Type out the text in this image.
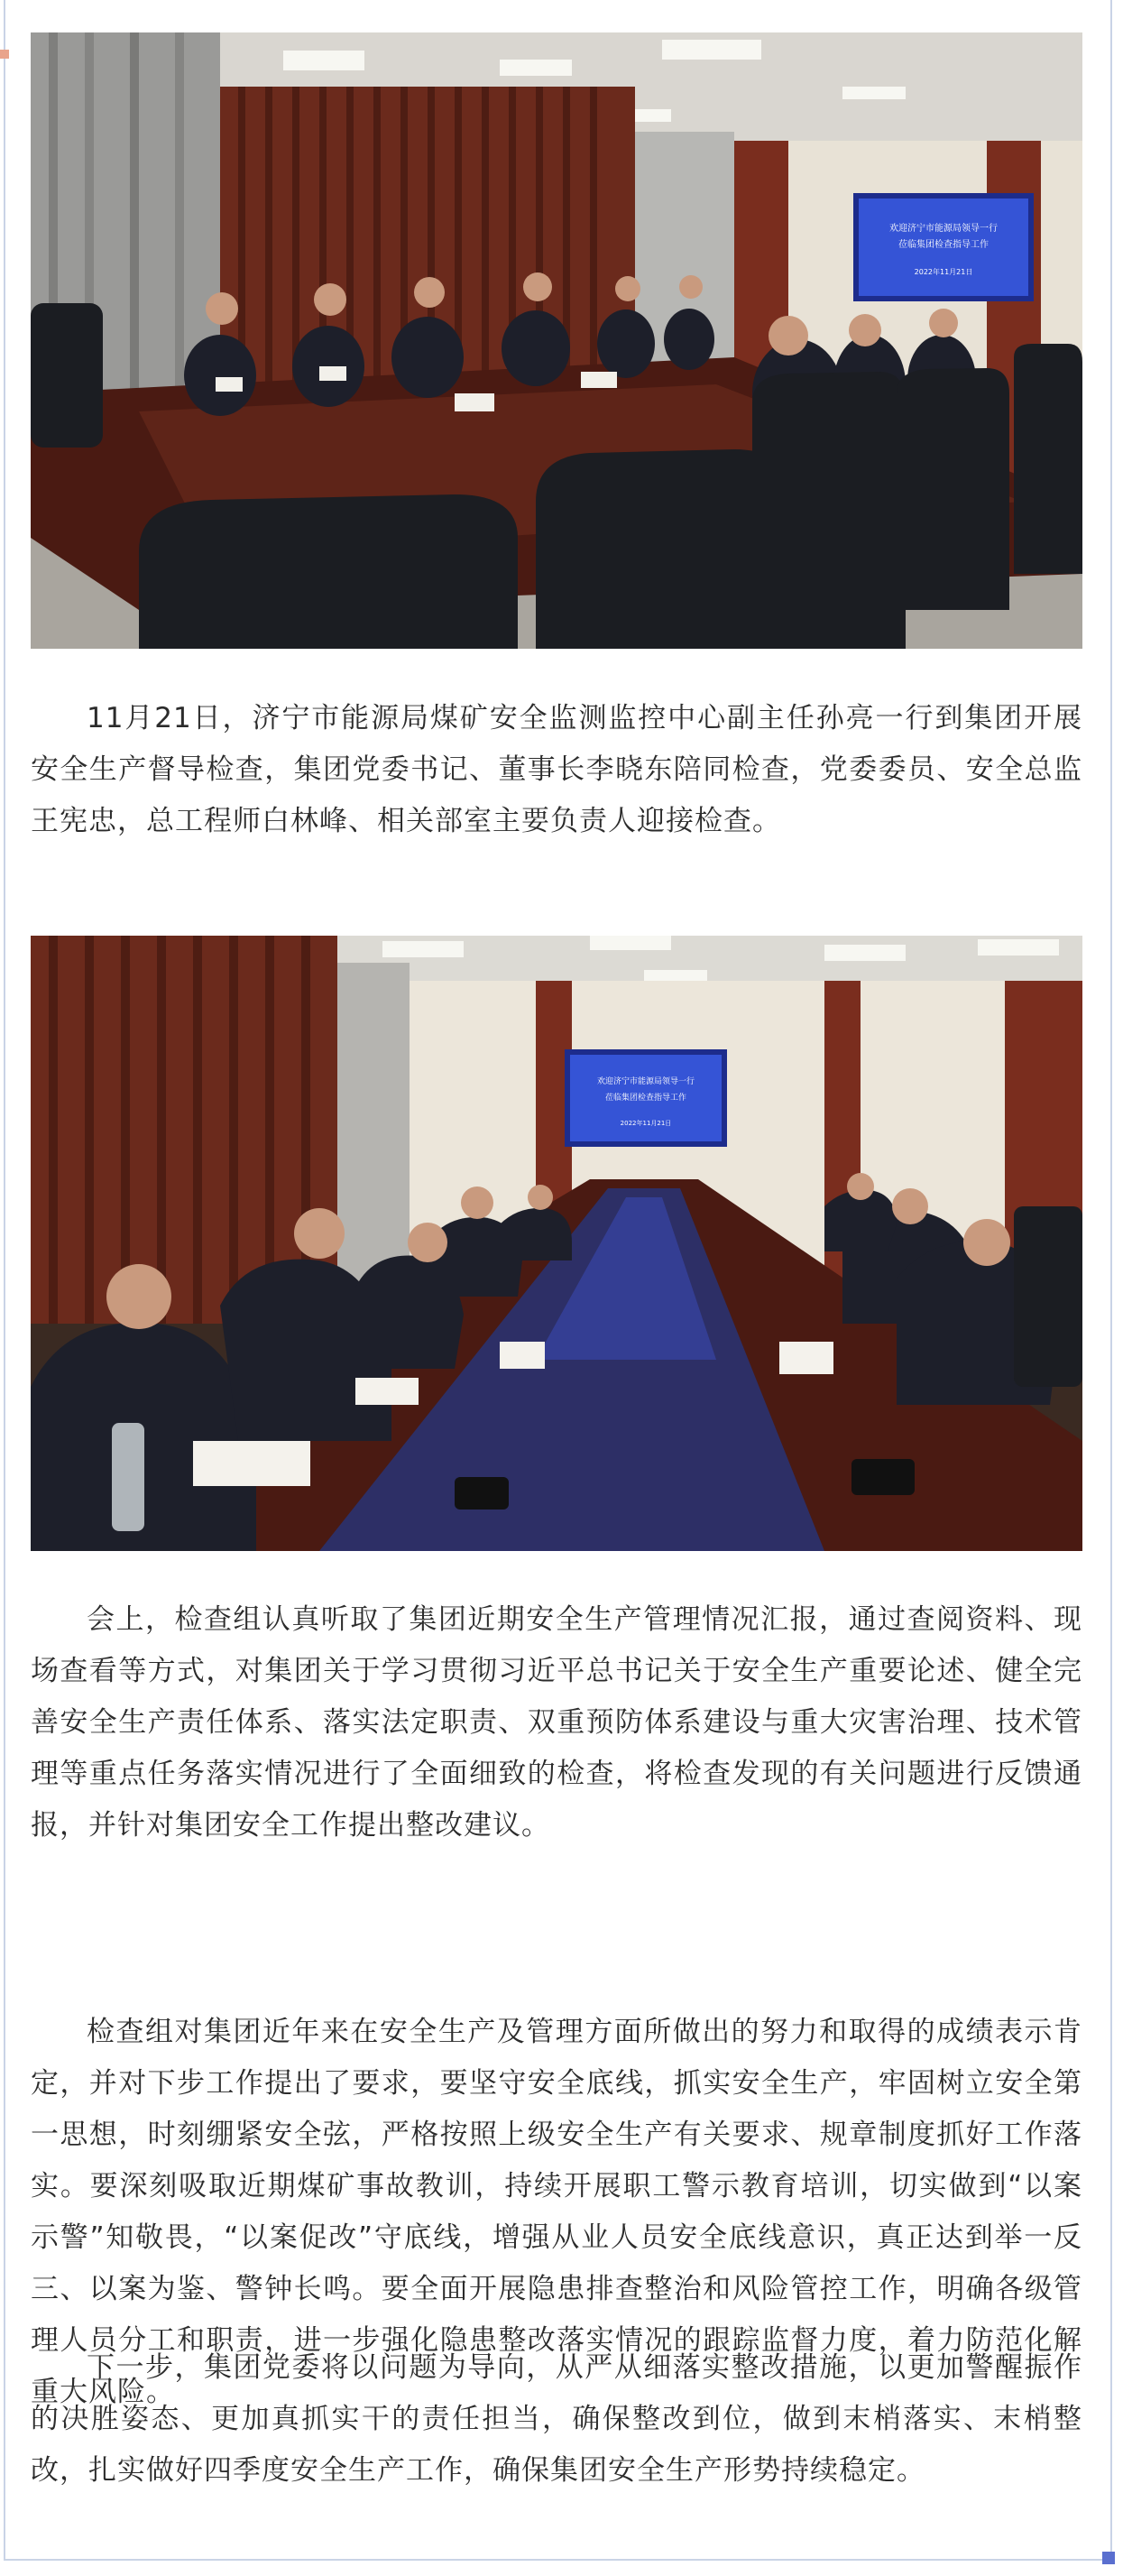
欢迎济宁市能源局领导一行
莅临集团检查指导工作
2022年11月21日

11月21日，济宁市能源局煤矿安全监测监控中心副主任孙亮一行到集团开展安全生产督导检查，集团党委书记、董事长李晓东陪同检查，党委委员、安全总监王宪忠，总工程师白林峰、相关部室主要负责人迎接检查。

欢迎济宁市能源局领导一行
莅临集团检查指导工作
2022年11月21日

会上，检查组认真听取了集团近期安全生产管理情况汇报，通过查阅资料、现场查看等方式，对集团关于学习贯彻习近平总书记关于安全生产重要论述、健全完善安全生产责任体系、落实法定职责、双重预防体系建设与重大灾害治理、技术管理等重点任务落实情况进行了全面细致的检查，将检查发现的有关问题进行反馈通报，并针对集团安全工作提出整改建议。

检查组对集团近年来在安全生产及管理方面所做出的努力和取得的成绩表示肯定，并对下步工作提出了要求，要坚守安全底线，抓实安全生产，牢固树立安全第一思想，时刻绷紧安全弦，严格按照上级安全生产有关要求、规章制度抓好工作落实。要深刻吸取近期煤矿事故教训，持续开展职工警示教育培训，切实做到“以案示警”知敬畏，“以案促改”守底线，增强从业人员安全底线意识，真正达到举一反三、以案为鉴、警钟长鸣。要全面开展隐患排查整治和风险管控工作，明确各级管理人员分工和职责，进一步强化隐患整改落实情况的跟踪监督力度，着力防范化解重大风险。

下一步，集团党委将以问题为导向，从严从细落实整改措施，以更加警醒振作的决胜姿态、更加真抓实干的责任担当，确保整改到位，做到末梢落实、末梢整改，扎实做好四季度安全生产工作，确保集团安全生产形势持续稳定。
